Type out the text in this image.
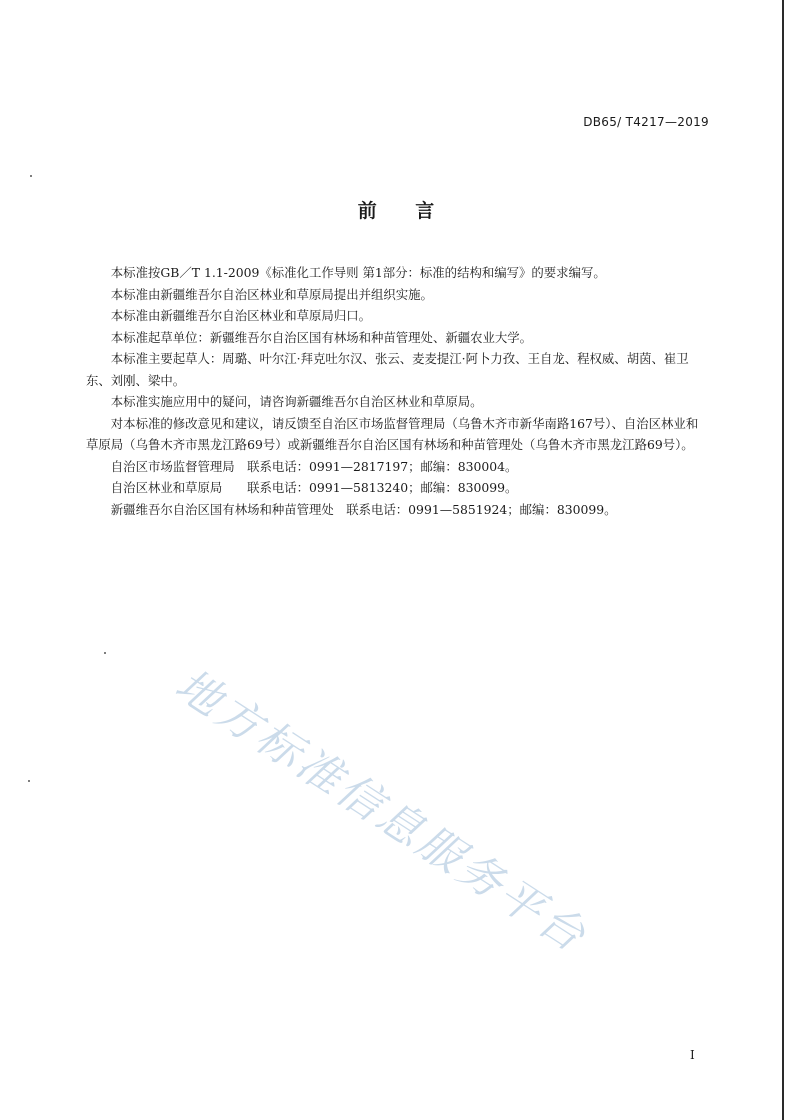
DB65/ T4217—2019
前 言

本标准按GB／T 1.1-2009《标准化工作导则 第1部分：标准的结构和编写》的要求编写。

本标准由新疆维吾尔自治区林业和草原局提出并组织实施。

本标准由新疆维吾尔自治区林业和草原局归口。

本标准起草单位：新疆维吾尔自治区国有林场和种苗管理处、新疆农业大学。

本标准主要起草人：周璐、叶尔江·拜克吐尔汉、张云、麦麦提江·阿卜力孜、王自龙、程权威、胡茵、崔卫东、刘刚、梁中。

本标准实施应用中的疑问，请咨询新疆维吾尔自治区林业和草原局。

对本标准的修改意见和建议，请反馈至自治区市场监督管理局（乌鲁木齐市新华南路167号）、自治区林业和草原局（乌鲁木齐市黑龙江路69号）或新疆维吾尔自治区国有林场和种苗管理处（乌鲁木齐市黑龙江路69号）。

自治区市场监督管理局　联系电话：0991—2817197；邮编：830004。

自治区林业和草原局　　联系电话：0991—5813240；邮编：830099。

新疆维吾尔自治区国有林场和种苗管理处　联系电话：0991—5851924；邮编：830099。

地方标准信息服务平台
I
